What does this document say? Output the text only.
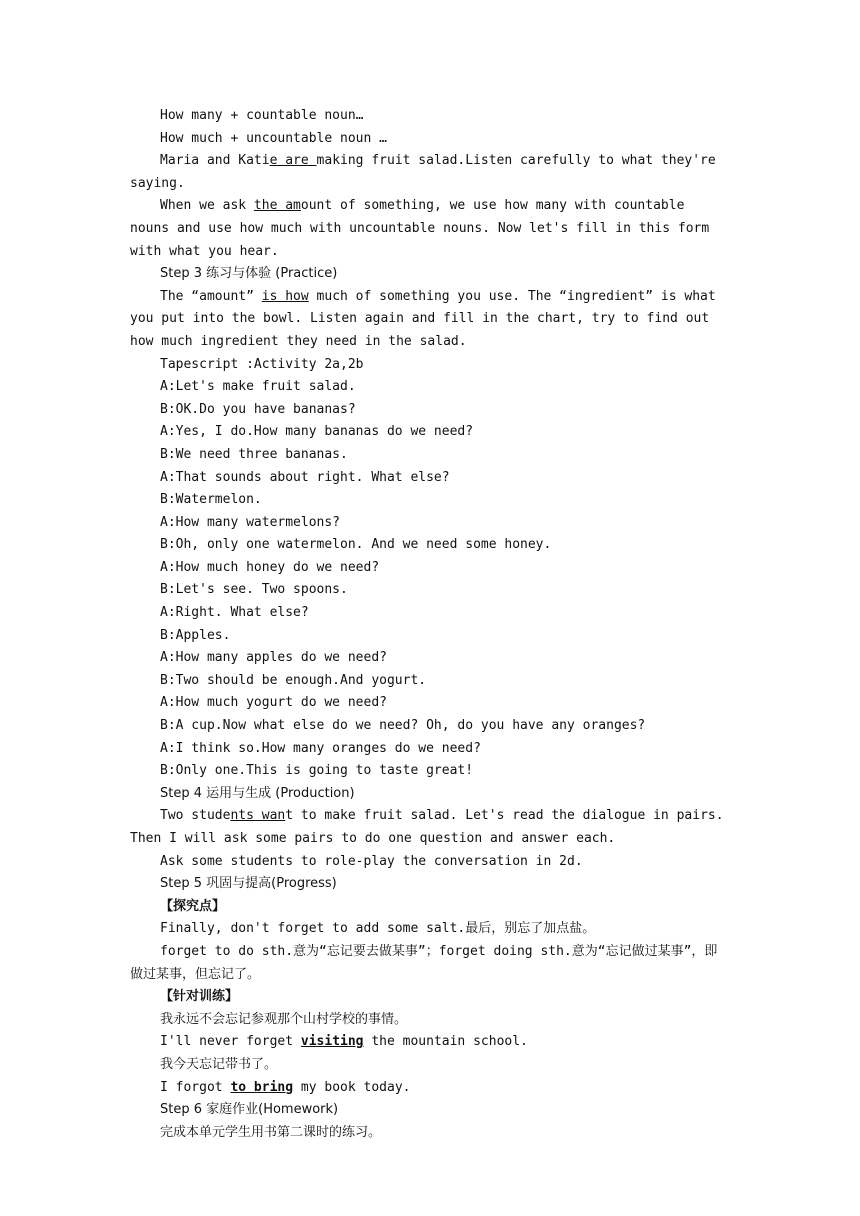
How many + countable noun…

How much + uncountable noun …

Maria and Katie are making fruit salad.Listen carefully to what they're saying.

When we ask the amount of something, we use how many with countable nouns and use how much with uncountable nouns. Now let's fill in this form with what you hear.

Step 3 练习与体验 (Practice)

The “amount” is how much of something you use. The “ingredient” is what you put into the bowl. Listen again and fill in the chart, try to find out how much ingredient they need in the salad.

Tapescript :Activity 2a,2b

A:Let's make fruit salad.

B:OK.Do you have bananas?

A:Yes, I do.How many bananas do we need?

B:We need three bananas.

A:That sounds about right. What else?

B:Watermelon.

A:How many watermelons?

B:Oh, only one watermelon. And we need some honey.

A:How much honey do we need?

B:Let's see. Two spoons.

A:Right. What else?

B:Apples.

A:How many apples do we need?

B:Two should be enough.And yogurt.

A:How much yogurt do we need?

B:A cup.Now what else do we need? Oh, do you have any oranges?

A:I think so.How many oranges do we need?

B:Only one.This is going to taste great!

Step 4 运用与生成 (Production)

Two students want to make fruit salad. Let's read the dialogue in pairs. Then I will ask some pairs to do one question and answer each.

Ask some students to role-play the conversation in 2d.

Step 5 巩固与提高(Progress)

【探究点】

Finally, don't forget to add some salt.最后，别忘了加点盐。

forget to do sth.意为“忘记要去做某事”；forget doing sth.意为“忘记做过某事”，即做过某事，但忘记了。

【针对训练】

我永远不会忘记参观那个山村学校的事情。

I'll never forget visiting the mountain school.

我今天忘记带书了。

I forgot to bring my book today.

Step 6 家庭作业(Homework)

完成本单元学生用书第二课时的练习。
